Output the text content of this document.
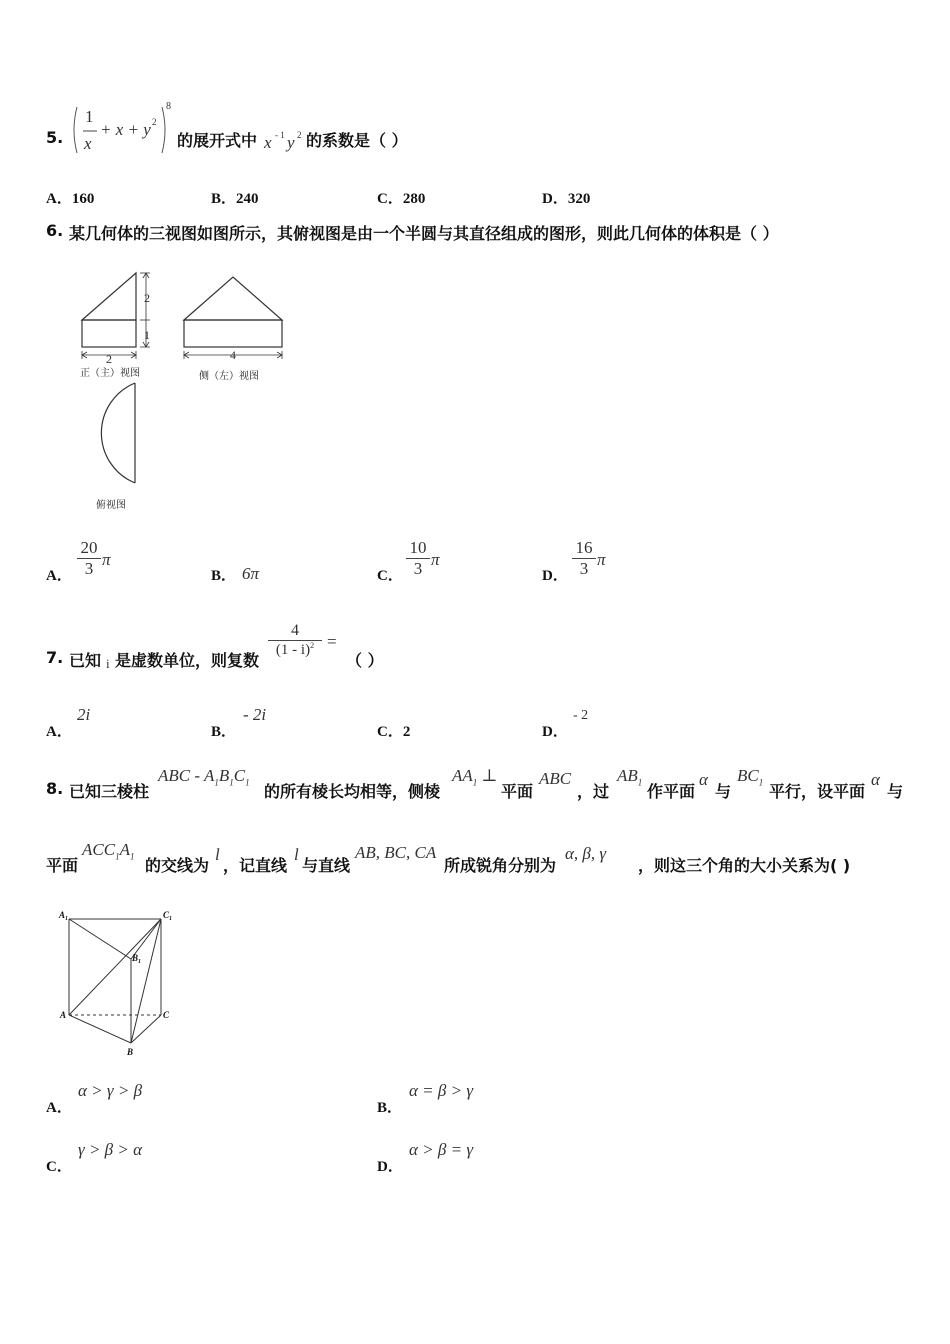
5.
1
x
+ x + y 2
8
的展开式中 x - 1 y 2 的系数是（ ）
A．160	B．240	C．280	D．320
6. 某几何体的三视图如图所示，其俯视图是由一个半圆与其直径组成的图形，则此几何体的体积是（ ）
2
1
2	4
正（主）视图	侧（左）视图
俯视图
A． $\frac{20}{3}$ π
B． 6π	C． $\frac{10}{3}$ π
D． $\frac{16}{3}$ π
7. 已知 i 是虚数单位，则复数
$\frac{4}{(1 - i)^2}$ =
（ ）
A．
2i
B．
- 2i
C．2	D．
- 2
8. 已知三棱柱
ABC - $A_1B_1C_1$ 的所有棱长均相等，侧棱
$AA_1$ ⊥
平面
ABC
，过
$AB_1$ 作平面
α
与
$BC_1$ 平行，设平面
α
与
平面
$ACC_1A_1$ 的交线为
l
，记直线
l
与直线
AB, BC, CA
所成锐角分别为
α, β, γ
，则这三个角的大小关系为( )
$A_1$	$C_1$
$B_1$
A	C
B
A．
α > γ > β
B．
α = β > γ
C．
γ > β > α
D．
α > β = γ
